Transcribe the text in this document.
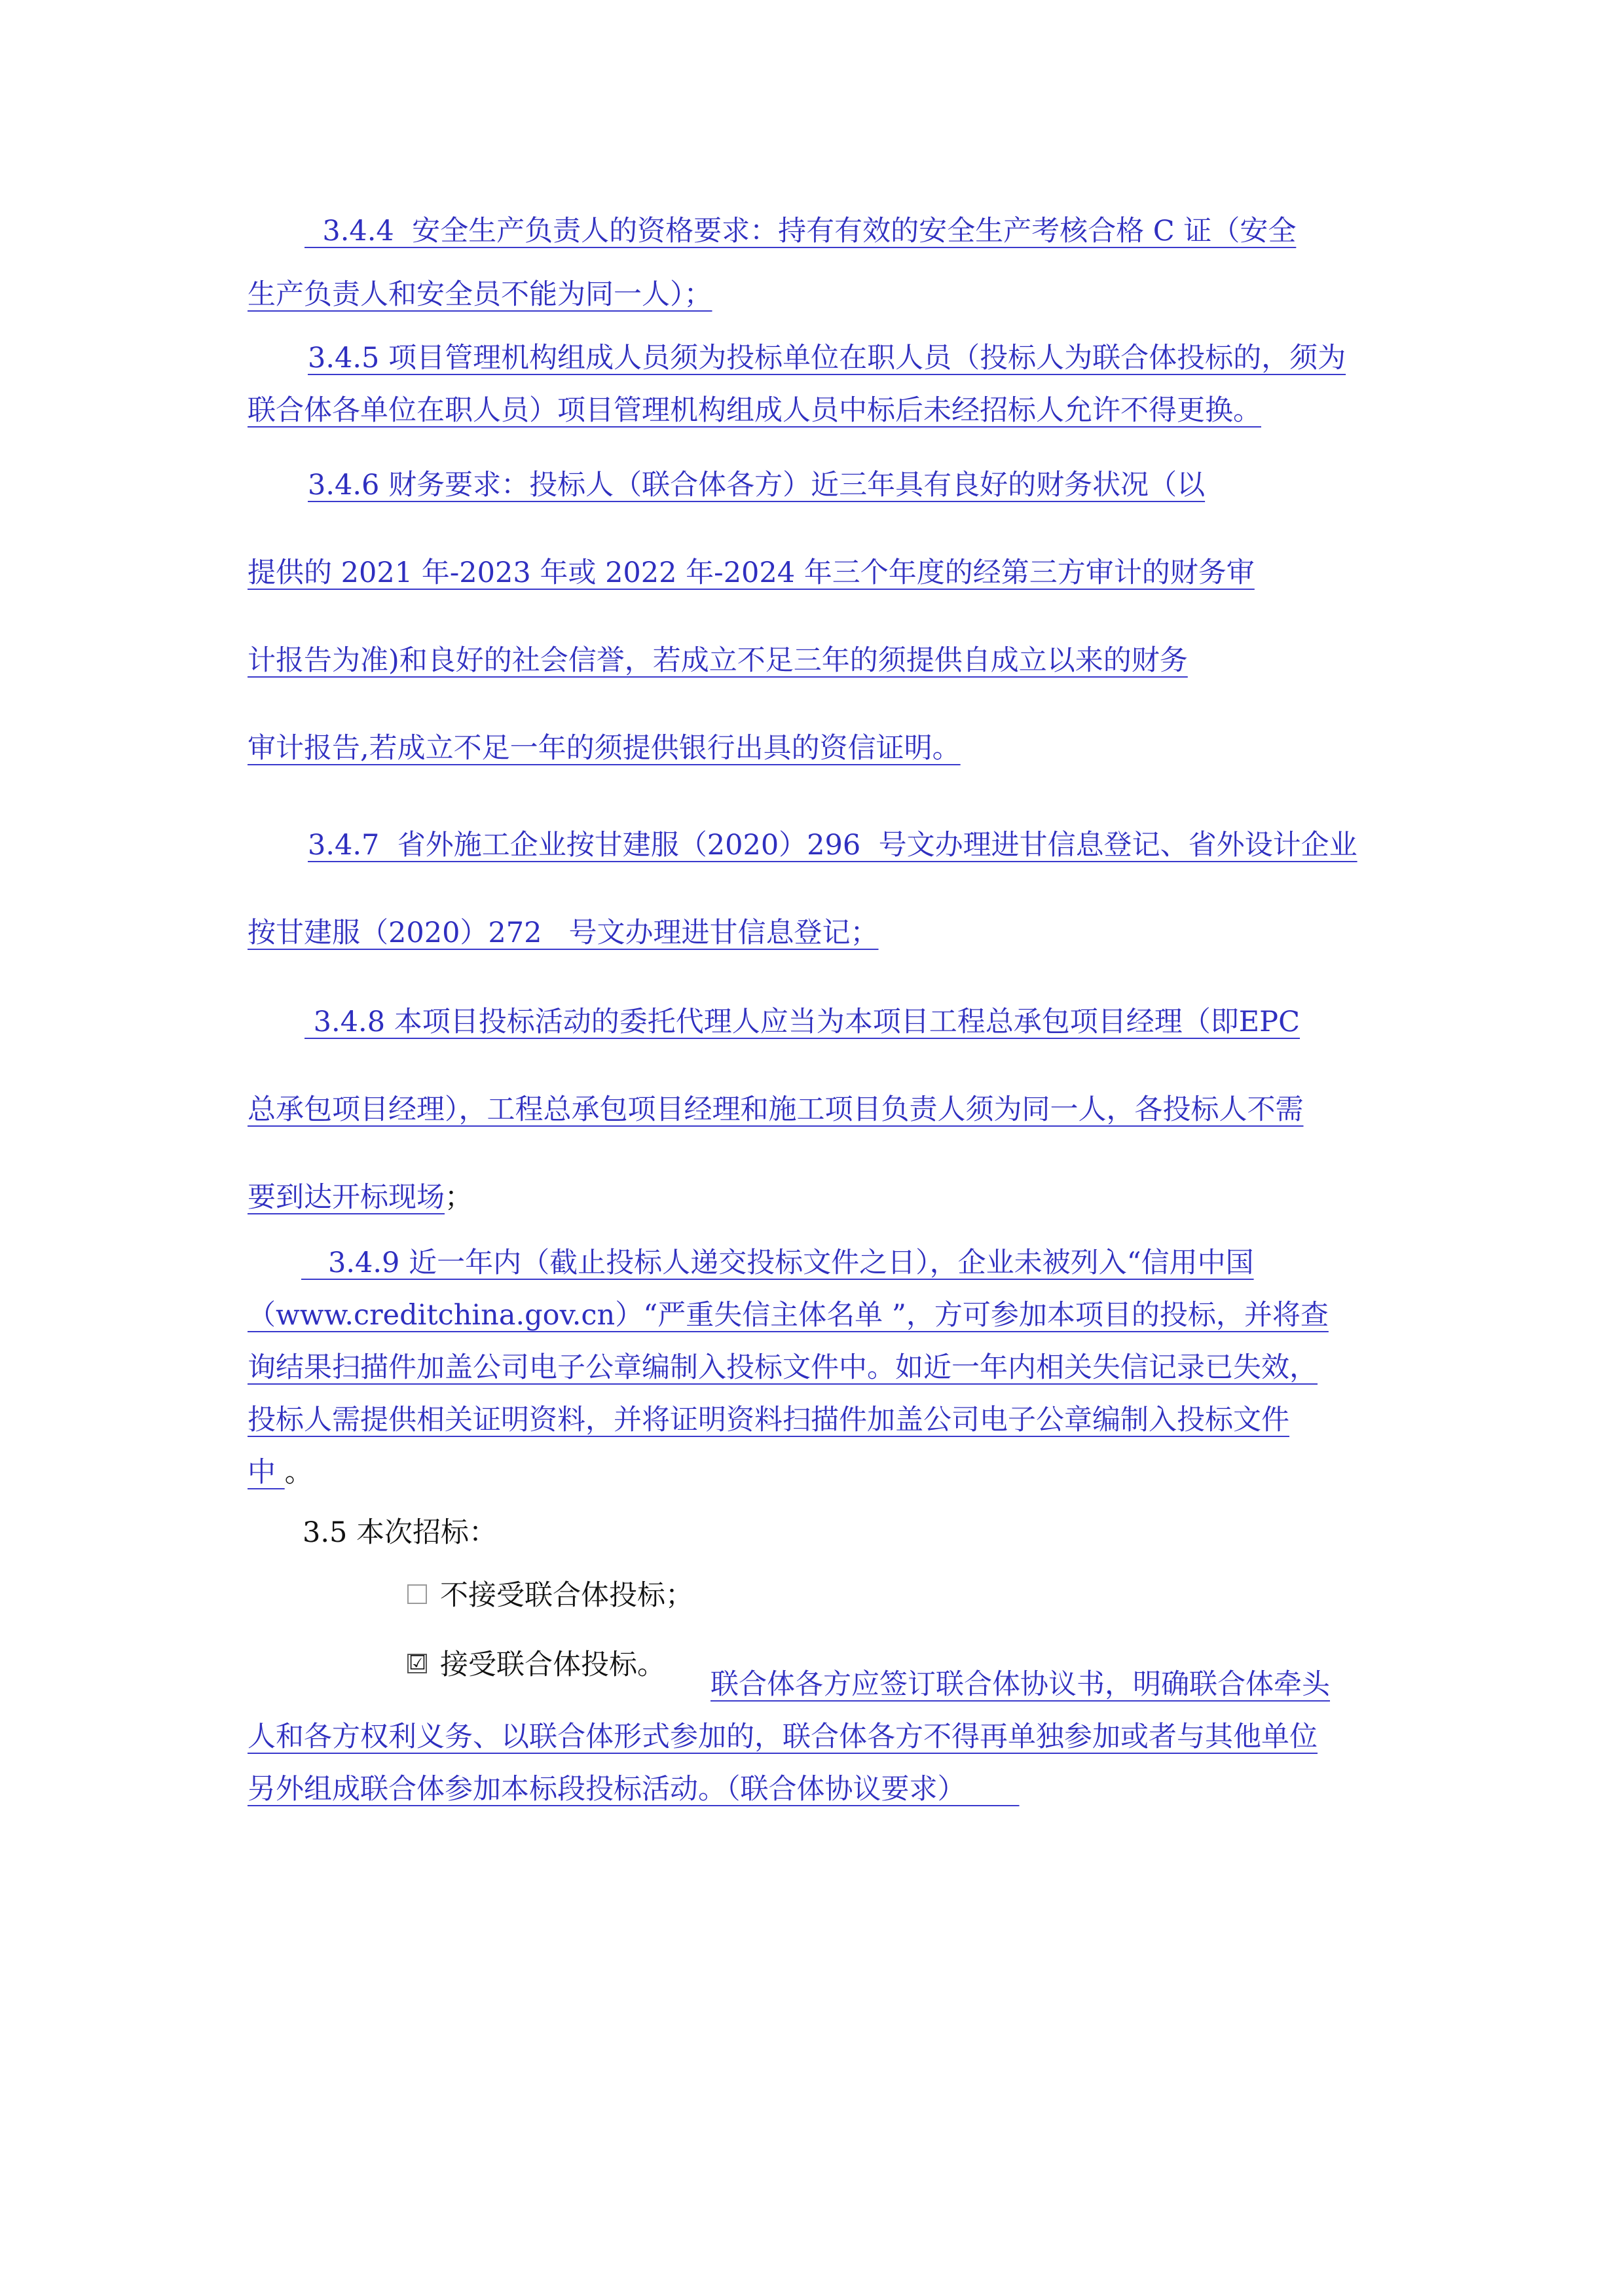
3.4.4  安全生产负责人的资格要求：持有有效的安全生产考核合格 C 证（安全
生产负责人和安全员不能为同一人）；
3.4.5 项目管理机构组成人员须为投标单位在职人员（投标人为联合体投标的，须为
联合体各单位在职人员）项目管理机构组成人员中标后未经招标人允许不得更换。
3.4.6 财务要求：投标人（联合体各方）近三年具有良好的财务状况（以
提供的 2021 年-2023 年或 2022 年-2024 年三个年度的经第三方审计的财务审
计报告为准)和良好的社会信誉，若成立不足三年的须提供自成立以来的财务
审计报告,若成立不足一年的须提供银行出具的资信证明。
3.4.7  省外施工企业按甘建服（2020）296  号文办理进甘信息登记、省外设计企业
按甘建服（2020）272   号文办理进甘信息登记；
3.4.8 本项目投标活动的委托代理人应当为本项目工程总承包项目经理（即EPC
总承包项目经理），工程总承包项目经理和施工项目负责人须为同一人，各投标人不需
要到达开标现场；
3.4.9 近一年内（截止投标人递交投标文件之日），企业未被列入“信用中国
（www.creditchina.gov.cn）“严重失信主体名单 ”，方可参加本项目的投标，并将查
询结果扫描件加盖公司电子公章编制入投标文件中。如近一年内相关失信记录已失效，
投标人需提供相关证明资料，并将证明资料扫描件加盖公司电子公章编制入投标文件
中 。
3.5 本次招标：
不接受联合体投标；
☑ 接受联合体投标。
联合体各方应签订联合体协议书，明确联合体牵头
人和各方权利义务、以联合体形式参加的，联合体各方不得再单独参加或者与其他单位
另外组成联合体参加本标段投标活动。（联合体协议要求）
